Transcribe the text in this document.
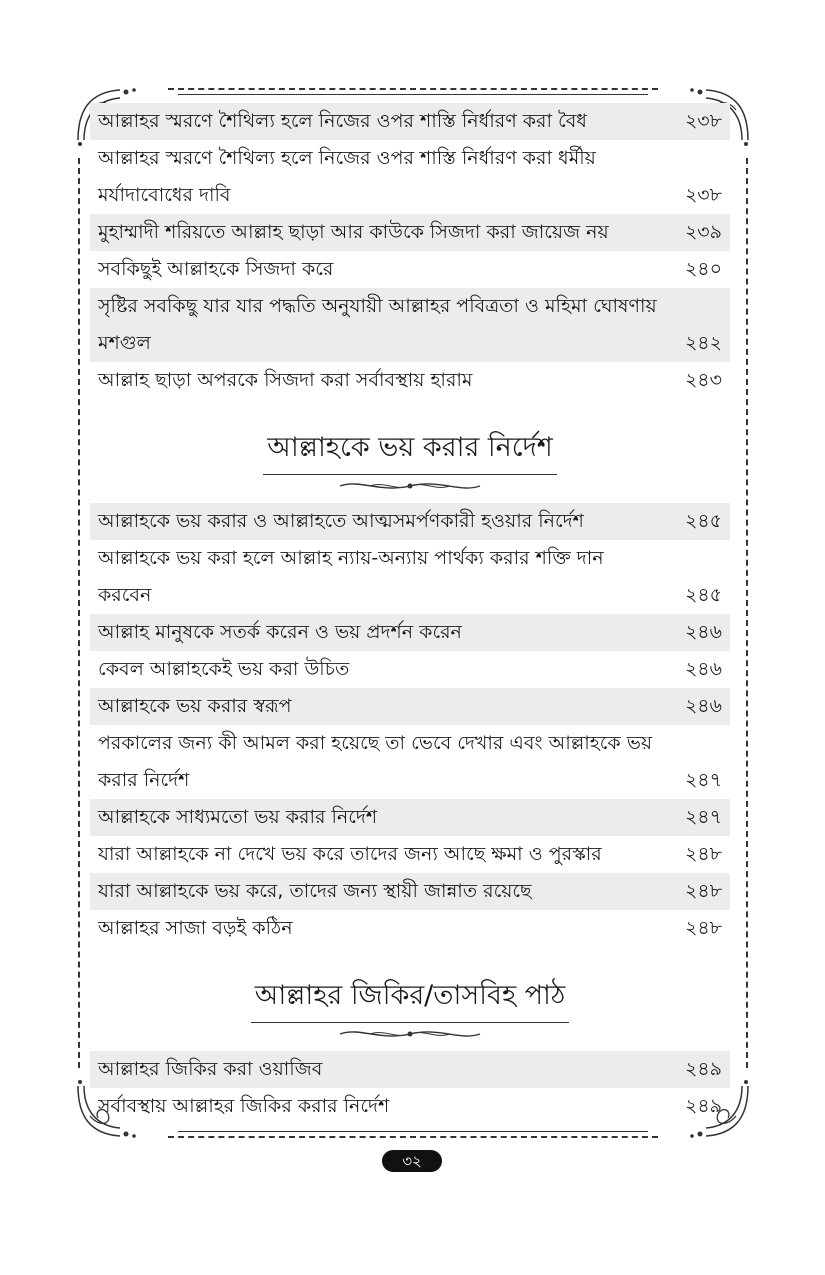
আল্লাহর স্মরণে শৈথিল্য হলে নিজের ওপর শাস্তি নির্ধারণ করা বৈধ	২৩৮
আল্লাহর স্মরণে শৈথিল্য হলে নিজের ওপর শাস্তি নির্ধারণ করা ধর্মীয় মর্যাদাবোধের দাবি	২৩৮
মুহাম্মাদী শরিয়তে আল্লাহ ছাড়া আর কাউকে সিজদা করা জায়েজ নয়	২৩৯
সবকিছুই আল্লাহকে সিজদা করে	২৪০
সৃষ্টির সবকিছু যার যার পদ্ধতি অনুযায়ী আল্লাহর পবিত্রতা ও মহিমা ঘোষণায় মশগুল	২৪২
আল্লাহ ছাড়া অপরকে সিজদা করা সর্বাবস্থায় হারাম	২৪৩
আল্লাহকে ভয় করার নির্দেশ
আল্লাহকে ভয় করার ও আল্লাহতে আত্মসমর্পণকারী হওয়ার নির্দেশ	২৪৫
আল্লাহকে ভয় করা হলে আল্লাহ ন্যায়-অন্যায় পার্থক্য করার শক্তি দান করবেন	২৪৫
আল্লাহ মানুষকে সতর্ক করেন ও ভয় প্রদর্শন করেন	২৪৬
কেবল আল্লাহকেই ভয় করা উচিত	২৪৬
আল্লাহকে ভয় করার স্বরূপ	২৪৬
পরকালের জন্য কী আমল করা হয়েছে তা ভেবে দেখার এবং আল্লাহকে ভয় করার নির্দেশ	২৪৭
আল্লাহকে সাধ্যমতো ভয় করার নির্দেশ	২৪৭
যারা আল্লাহকে না দেখে ভয় করে তাদের জন্য আছে ক্ষমা ও পুরস্কার	২৪৮
যারা আল্লাহকে ভয় করে, তাদের জন্য স্থায়ী জান্নাত রয়েছে	২৪৮
আল্লাহর সাজা বড়ই কঠিন	২৪৮
আল্লাহর জিকির/তাসবিহ পাঠ
আল্লাহর জিকির করা ওয়াজিব	২৪৯
সর্বাবস্থায় আল্লাহর জিকির করার নির্দেশ	২৪৯
৩২
